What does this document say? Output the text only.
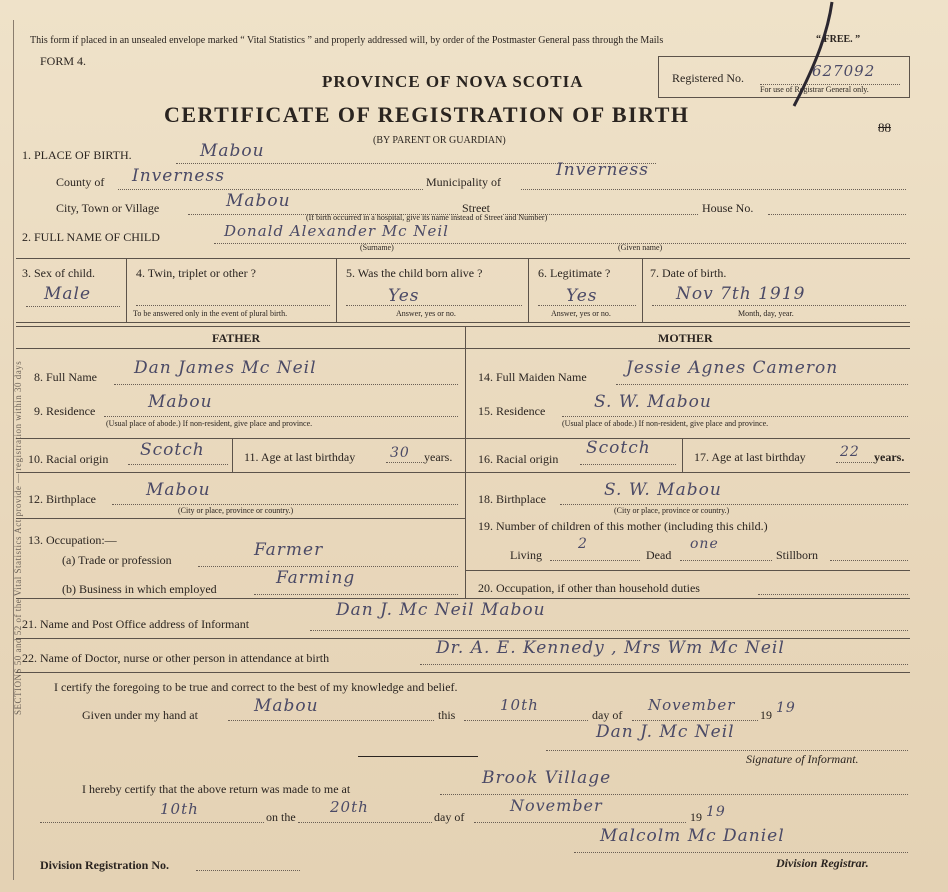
SECTIONS 50 and 52 of the Vital Statistics Act provide — registration within 30 days
This form if placed in an unsealed envelope marked “ Vital Statistics ” and properly addressed will, by order of the Postmaster General pass through the Mails	“ FREE. ”
FORM 4.
Registered No.	627092
For use of Registrar General only.
PROVINCE OF NOVA SCOTIA
CERTIFICATE OF REGISTRATION OF BIRTH
(BY PARENT OR GUARDIAN)
88
1. PLACE OF BIRTH.	Mabou
County of Inverness	Municipality of
Inverness
City, Town or Village	Mabou	Street	House No.
(If birth occurred in a hospital, give its name instead of Street and Number)
2. FULL NAME OF CHILD	Donald Alexander Mc Neil
(Surname)	(Given name)
3. Sex of child.
Male
4. Twin, triplet or other ?
To be answered only in the event of plural birth.
5. Was the child born alive ?
Yes
Answer, yes or no.
6. Legitimate ?
Yes
Answer, yes or no.
7. Date of birth.
Nov 7th 1919
Month, day, year.
FATHER	MOTHER
8. Full Name Dan James Mc Neil
9. Residence	Mabou
(Usual place of abode.) If non-resident, give place and province.
10. Racial origin Scotch	11. Age at last birthday 30 years.
12. Birthplace	Mabou
(City or place, province or country.)
13. Occupation:—
(a) Trade or profession	Farmer
(b) Business in which employed
Farming
14. Full Maiden Name Jessie Agnes Cameron
15. Residence	S. W. Mabou
(Usual place of abode.) If non-resident, give place and province.
16. Racial origin
Scotch	17. Age at last birthday 22 years.
18. Birthplace	S. W. Mabou
(City or place, province or country.)
19. Number of children of this mother (including this child.)
Living
2
Dead
one
Stillborn
20. Occupation, if other than household duties
21. Name and Post Office address of Informant
Dan J. Mc Neil Mabou
22. Name of Doctor, nurse or other person in attendance at birth	Dr. A. E. Kennedy , Mrs Wm Mc Neil
I certify the foregoing to be true and correct to the best of my knowledge and belief.
Given under my hand at	Mabou	this
10th
day of
November
19 19
Dan J. Mc Neil
Signature of Informant.
I hereby certify that the above return was made to me at
Brook Village
10th	on the
20th
day of
November
19 19
Malcolm Mc Daniel
Division Registration No.	Division Registrar.
